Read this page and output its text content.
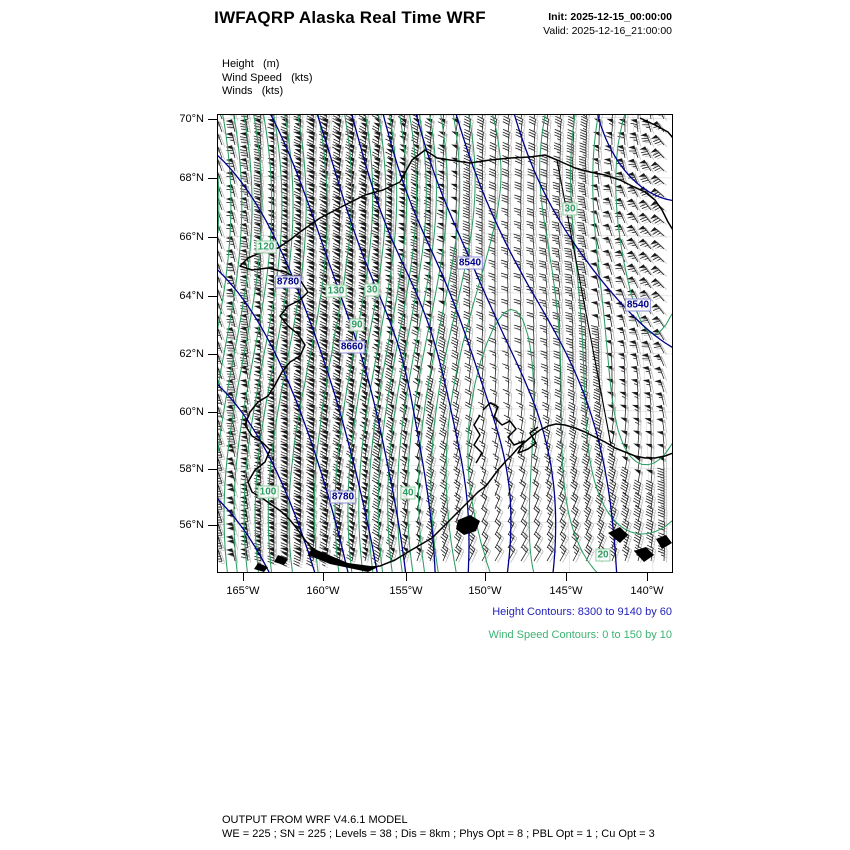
IWFAQRP Alaska Real Time WRF	Init: 2025-12-15_00:00:00
Valid: 2025-12-16_21:00:00
Height   (m)
Wind Speed   (kts)
Winds   (kts)
120
130 30
90
30
100	40
20
8780
8660
8540
8540
8780
70°N
68°N
66°N
64°N
62°N
60°N
58°N
56°N
165°W	160°W	155°W	150°W	145°W	140°W
Height Contours: 8300 to 9140 by 60
Wind Speed Contours: 0 to 150 by 10
OUTPUT FROM WRF V4.6.1 MODEL
WE = 225 ; SN = 225 ; Levels = 38 ; Dis = 8km ; Phys Opt = 8 ; PBL Opt = 1 ; Cu Opt = 3
